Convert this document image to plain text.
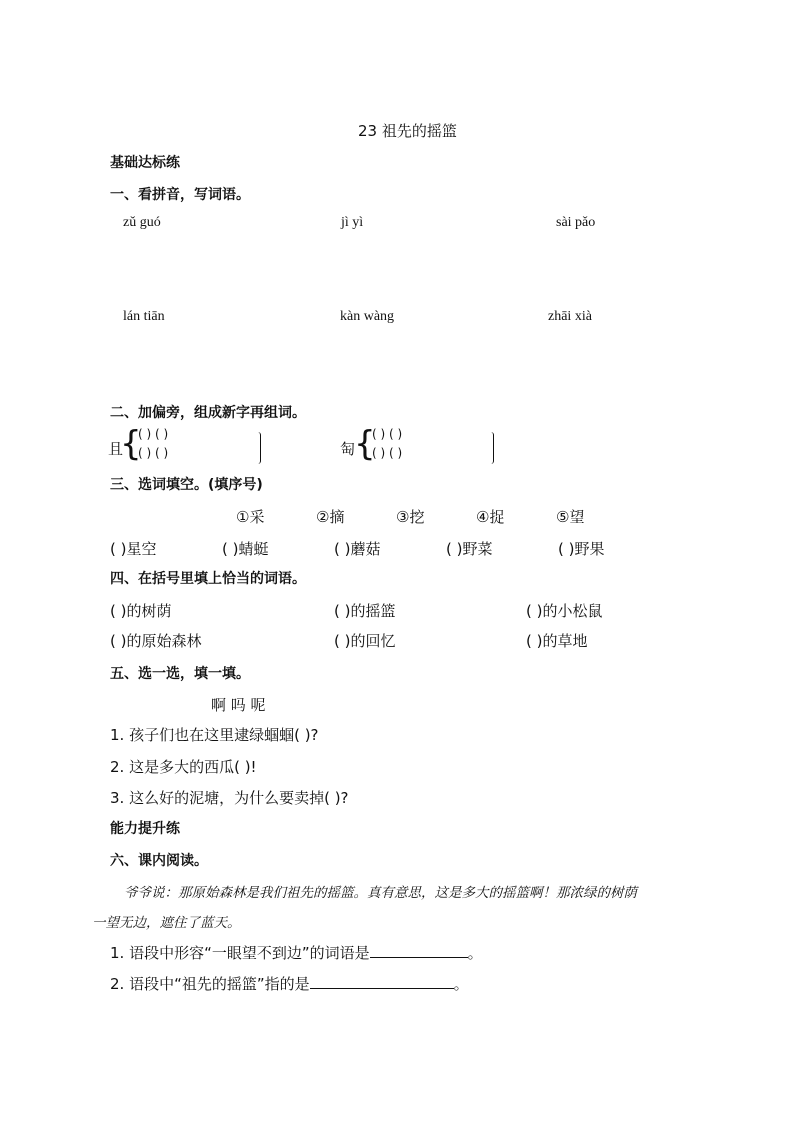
23 祖先的摇篮
基础达标练
一、看拼音，写词语。
zǔ guó	jì yì	sài pǎo
lán tiān	kàn wàng	zhāi xià
二、加偏旁，组成新字再组词。
且
{
( ) ( )
( ) ( )	匋
{
( ) ( )
( ) ( )
三、选词填空。(填序号)
①采	②摘	③挖	④捉	⑤望
( )星空	( )蜻蜓	( )蘑菇	( )野菜	( )野果
四、在括号里填上恰当的词语。
( )的树荫	( )的摇篮	( )的小松鼠
( )的原始森林	( )的回忆	( )的草地
五、选一选，填一填。
啊 吗 呢
1. 孩子们也在这里逮绿蝈蝈( )?
2. 这是多大的西瓜( )!
3. 这么好的泥塘，为什么要卖掉( )?
能力提升练
六、课内阅读。
爷爷说：那原始森林是我们祖先的摇篮。真有意思，这是多大的摇篮啊！那浓绿的树荫
一望无边，遮住了蓝天。
1. 语段中形容“一眼望不到边”的词语是	。
2. 语段中“祖先的摇篮”指的是	。
